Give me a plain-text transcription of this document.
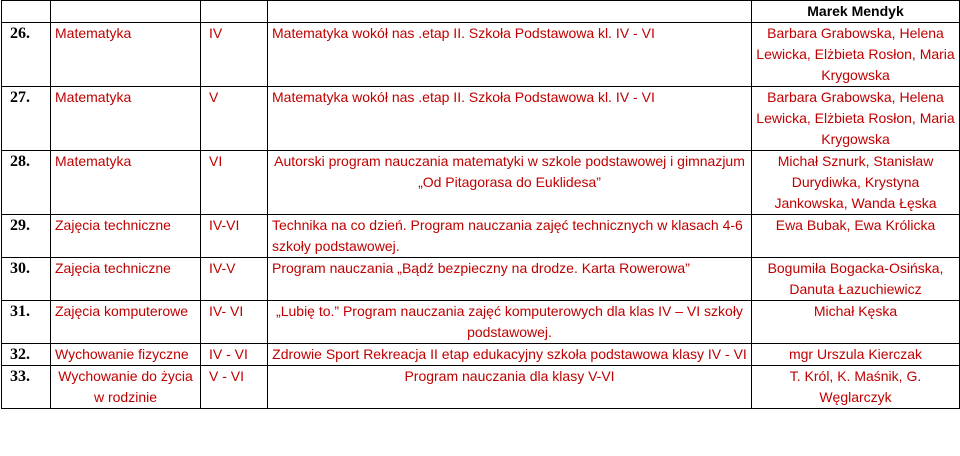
				Marek Mendyk
26.	Matematyka	IV	Matematyka wokół nas .etap II. Szkoła Podstawowa kl. IV - VI	Barbara Grabowska, Helena Lewicka, Elżbieta Rosłon, Maria Krygowska
27.	Matematyka	V	Matematyka wokół nas .etap II. Szkoła Podstawowa kl. IV - VI	Barbara Grabowska, Helena Lewicka, Elżbieta Rosłon, Maria Krygowska
28.	Matematyka	VI	Autorski program nauczania matematyki w szkole podstawowej i gimnazjum „Od Pitagorasa do Euklidesa”	Michał Sznurk, Stanisław Durydiwka, Krystyna Jankowska, Wanda Łęska
29.	Zajęcia techniczne	IV-VI	Technika na co dzień. Program nauczania zajęć technicznych w klasach 4-6 szkoły podstawowej.	Ewa Bubak, Ewa Królicka
30.	Zajęcia techniczne	IV-V	Program nauczania „Bądź bezpieczny na drodze. Karta Rowerowa”	Bogumiła Bogacka-Osińska, Danuta Łazuchiewicz
31.	Zajęcia komputerowe	IV- VI	„Lubię to.” Program nauczania zajęć komputerowych dla klas IV – VI szkoły podstawowej.	Michał Kęska
32.	Wychowanie fizyczne	IV - VI	Zdrowie Sport Rekreacja II etap edukacyjny szkoła podstawowa klasy IV - VI	mgr Urszula Kierczak
33.	Wychowanie do życia w rodzinie	V - VI	Program nauczania dla klasy V-VI	T. Król, K. Maśnik, G. Węglarczyk
